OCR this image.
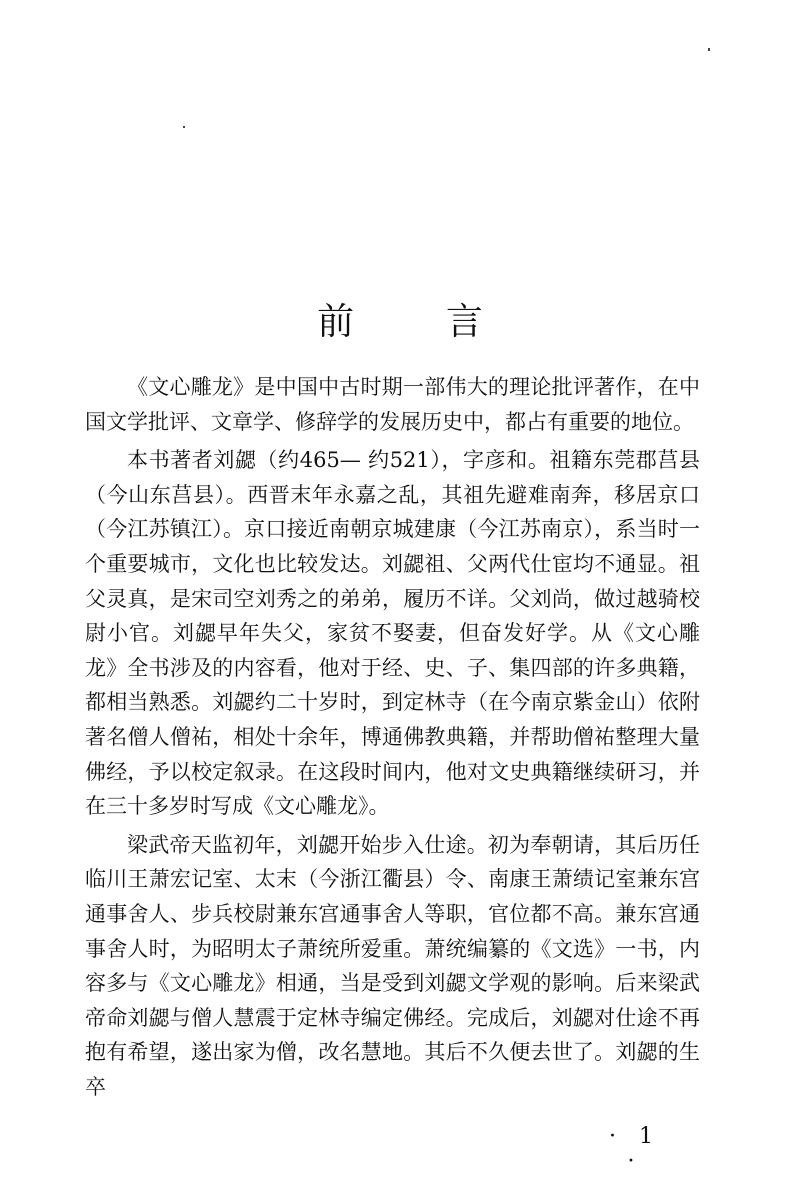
前 言

《文心雕龙》是中国中古时期一部伟大的理论批评著作，在中国文学批评、文章学、修辞学的发展历史中，都占有重要的地位。

本书著者刘勰（约465— 约521），字彦和。祖籍东莞郡莒县（今山东莒县）。西晋末年永嘉之乱，其祖先避难南奔，移居京口（今江苏镇江）。京口接近南朝京城建康（今江苏南京），系当时一个重要城市，文化也比较发达。刘勰祖、父两代仕宦均不通显。祖父灵真，是宋司空刘秀之的弟弟，履历不详。父刘尚，做过越骑校尉小官。刘勰早年失父，家贫不娶妻，但奋发好学。从《文心雕龙》全书涉及的内容看，他对于经、史、子、集四部的许多典籍，都相当熟悉。刘勰约二十岁时，到定林寺（在今南京紫金山）依附著名僧人僧祐，相处十余年，博通佛教典籍，并帮助僧祐整理大量佛经，予以校定叙录。在这段时间内，他对文史典籍继续研习，并在三十多岁时写成《文心雕龙》。

梁武帝天监初年，刘勰开始步入仕途。初为奉朝请，其后历任临川王萧宏记室、太末（今浙江衢县）令、南康王萧绩记室兼东宫通事舍人、步兵校尉兼东宫通事舍人等职，官位都不高。兼东宫通事舍人时，为昭明太子萧统所爱重。萧统编纂的《文选》一书，内容多与《文心雕龙》相通，当是受到刘勰文学观的影响。后来梁武帝命刘勰与僧人慧震于定林寺编定佛经。完成后，刘勰对仕途不再抱有希望，遂出家为僧，改名慧地。其后不久便去世了。刘勰的生卒

· 1 ·
